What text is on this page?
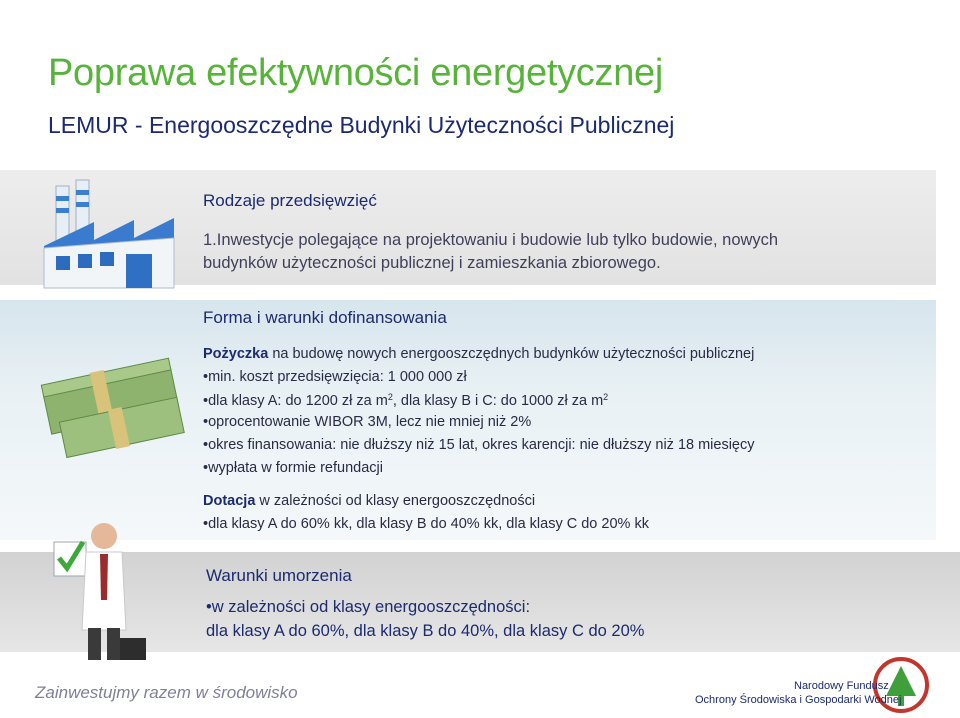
Poprawa efektywności energetycznej
LEMUR - Energooszczędne Budynki Użyteczności Publicznej
Rodzaje przedsięwzięć
1.Inwestycje polegające na projektowaniu i budowie lub tylko budowie, nowych
budynków użyteczności publicznej i zamieszkania zbiorowego.
Forma i warunki dofinansowania
Pożyczka na budowę nowych energooszczędnych budynków użyteczności publicznej
•min. koszt przedsięwzięcia: 1 000 000 zł
•dla klasy A: do 1200 zł za $m^2$, dla klasy B i C: do 1000 zł za $m^2$
•oprocentowanie WIBOR 3M, lecz nie mniej niż 2%
•okres finansowania: nie dłuższy niż 15 lat, okres karencji: nie dłuższy niż 18 miesięcy
•wypłata w formie refundacji
Dotacja w zależności od klasy energooszczędności
•dla klasy A do 60% kk, dla klasy B do 40% kk, dla klasy C do 20% kk
Warunki umorzenia
•w zależności od klasy energooszczędności:
dla klasy A do 60%, dla klasy B do 40%, dla klasy C do 20%
Zainwestujmy razem w środowisko	Narodowy Fundusz
Ochrony Środowiska i Gospodarki Wodnej
